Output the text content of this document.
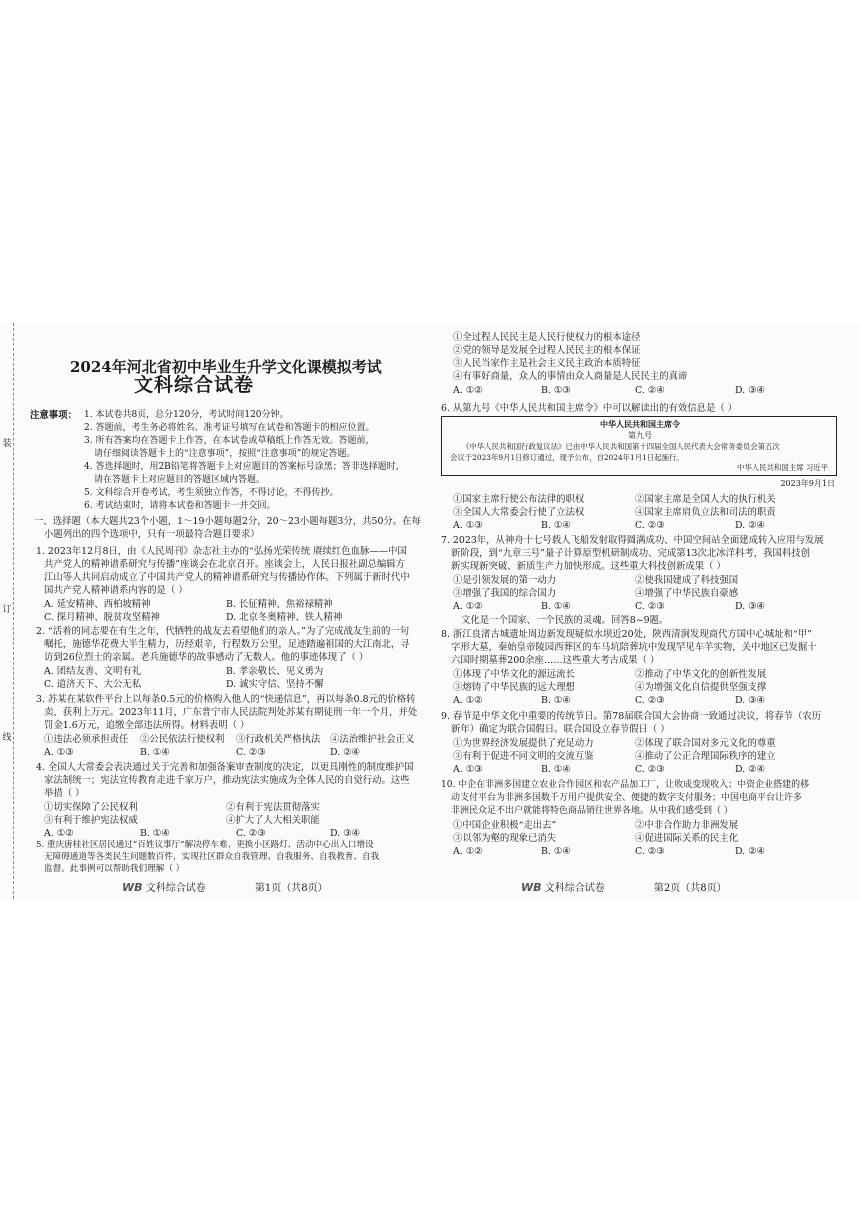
装
订
线
2024年河北省初中毕业生升学文化课模拟考试
文科综合试卷
注意事项： 1. 本试卷共8页，总分120分，考试时间120分钟。
2. 答题前，考生务必将姓名、准考证号填写在试卷和答题卡的相应位置。
3. 所有答案均在答题卡上作答，在本试卷或草稿纸上作答无效。答题前，
请仔细阅读答题卡上的“注意事项”，按照“注意事项”的规定答题。
4. 答选择题时，用2B铅笔将答题卡上对应题目的答案标号涂黑；答非选择题时，
请在答题卡上对应题目的答题区域内答题。
5. 文科综合开卷考试，考生须独立作答，不得讨论，不得传抄。
6. 考试结束时，请将本试卷和答题卡一并交回。
一、选择题（本大题共23个小题，1～19小题每题2分，20～23小题每题3分，共50分。在每
小题列出的四个选项中，只有一项最符合题目要求）
1. 2023年12月8日，由《人民周刊》杂志社主办的“弘扬光荣传统 赓续红色血脉——中国
共产党人的精神谱系研究与传播”座谈会在北京召开。座谈会上，人民日报社副总编辑方
江山等人共同启动成立了中国共产党人的精神谱系研究与传播协作体。下列属于新时代中
国共产党人精神谱系内容的是（ ）
A. 延安精神、西柏坡精神	B. 长征精神、焦裕禄精神
C. 探月精神、脱贫攻坚精神	D. 北京冬奥精神、铁人精神
2. “活着的同志要在有生之年，代牺牲的战友去看望他们的亲人。”为了完成战友生前的一句
嘱托，施德华花费大半生精力，历经艰辛，行程数万公里，足迹踏遍祖国的大江南北，寻
访到26位烈士的亲属。老兵施德华的故事感动了无数人。他的事迹体现了（ ）
A. 团结友善、文明有礼	B. 孝亲敬长、见义勇为
C. 道济天下、大公无私	D. 诚实守信、坚持不懈
3. 苏某在某软件平台上以每条0.5元的价格购入他人的“快递信息”，再以每条0.8元的价格转
卖，获利上万元。2023年11月，广东普宁市人民法院判处苏某有期徒刑一年一个月，并处
罚金1.6万元，追缴全部违法所得。材料表明（ ）
①违法必须承担责任 ②公民依法行使权利 ③行政机关严格执法 ④法治维护社会正义
A. ①③	B. ①④	C. ②③	D. ②④
4. 全国人大常委会表决通过关于完善和加强备案审查制度的决定，以更具刚性的制度维护国
家法制统一；宪法宣传教育走进千家万户，推动宪法实施成为全体人民的自觉行动。这些
举措（ ）
①切实保障了公民权利	②有利于宪法贯彻落实
③有利于维护宪法权威	④扩大了人大相关职能
A. ①②	B. ①④	C. ②③	D. ③④
5. 重庆唐桂社区居民通过“百姓议事厅”解决停车难、更换小区路灯、活动中心出入口增设
无障碍通道等各类民生问题数百件，实现社区群众自我管理、自我服务、自我教育、自我
监督。此事例可以帮助我们理解（ ）
WB 文科综合试卷	第1页（共8页）
①全过程人民民主是人民行使权力的根本途径
②党的领导是发展全过程人民民主的根本保证
③人民当家作主是社会主义民主政治本质特征
④有事好商量，众人的事情由众人商量是人民民主的真谛
A. ①②	B. ①③	C. ②④	D. ③④
6. 从第九号《中华人民共和国主席令》中可以解读出的有效信息是（ ）
中华人民共和国主席令
第九号
《中华人民共和国行政复议法》已由中华人民共和国第十四届全国人民代表大会常务委员会第五次
会议于2023年9月1日修订通过，现予公布，自2024年1月1日起施行。
中华人民共和国主席 习近平
2023年9月1日
①国家主席行使公布法律的职权	②国家主席是全国人大的执行机关
③全国人大常委会行使了立法权	④国家主席肩负立法和司法的职责
A. ①③	B. ①④	C. ②③	D. ②④
7. 2023年，从神舟十七号载人飞船发射取得圆满成功、中国空间站全面建成转入应用与发展
新阶段，到“九章三号”量子计算原型机研制成功、完成第13次北冰洋科考，我国科技创
新实现新突破、新质生产力加快形成。这些重大科技创新成果（ ）
①是引领发展的第一动力	②使我国建成了科技强国
③增强了我国的综合国力	④增强了中华民族自豪感
A. ①②	B. ①④	C. ②③	D. ③④
文化是一个国家、一个民族的灵魂。回答8~9题。
8. 浙江良渚古城遗址周边新发现疑似水坝近20处，陕西清涧发现商代方国中心城址和“甲”
字形大墓，秦始皇帝陵园西葬区的车马坑陪葬坑中发现罕见车羊实物，关中地区已发掘十
六国时期墓葬200余座……这些重大考古成果（ ）
①体现了中华文化的源远流长	②推动了中华文化的创新性发展
③熔铸了中华民族的远大理想	④为增强文化自信提供坚强支撑
A. ①②	B. ①④	C. ②③	D. ③④
9. 春节是中华文化中重要的传统节日。第78届联合国大会协商一致通过决议，将春节（农历
新年）确定为联合国假日。联合国设立春节假日（ ）
①为世界经济发展提供了充足动力	②体现了联合国对多元文化的尊重
③有利于促进不同文明的交流互鉴	④推动了公正合理国际秩序的建立
A. ①③	B. ①④	C. ②③	D. ②④
10. 中企在非洲多国建立农业合作园区和农产品加工厂，让收成变现收入；中资企业搭建的移
动支付平台为非洲多国数千万用户提供安全、便捷的数字支付服务；中国电商平台让许多
非洲民众足不出户就能将特色商品销往世界各地。从中我们感受到（ ）
①中国企业积极“走出去”	②中非合作助力非洲发展
③以邻为壑的现象已消失	④促进国际关系的民主化
A. ①②	B. ①④	C. ②③	D. ②④
WB 文科综合试卷	第2页（共8页）
